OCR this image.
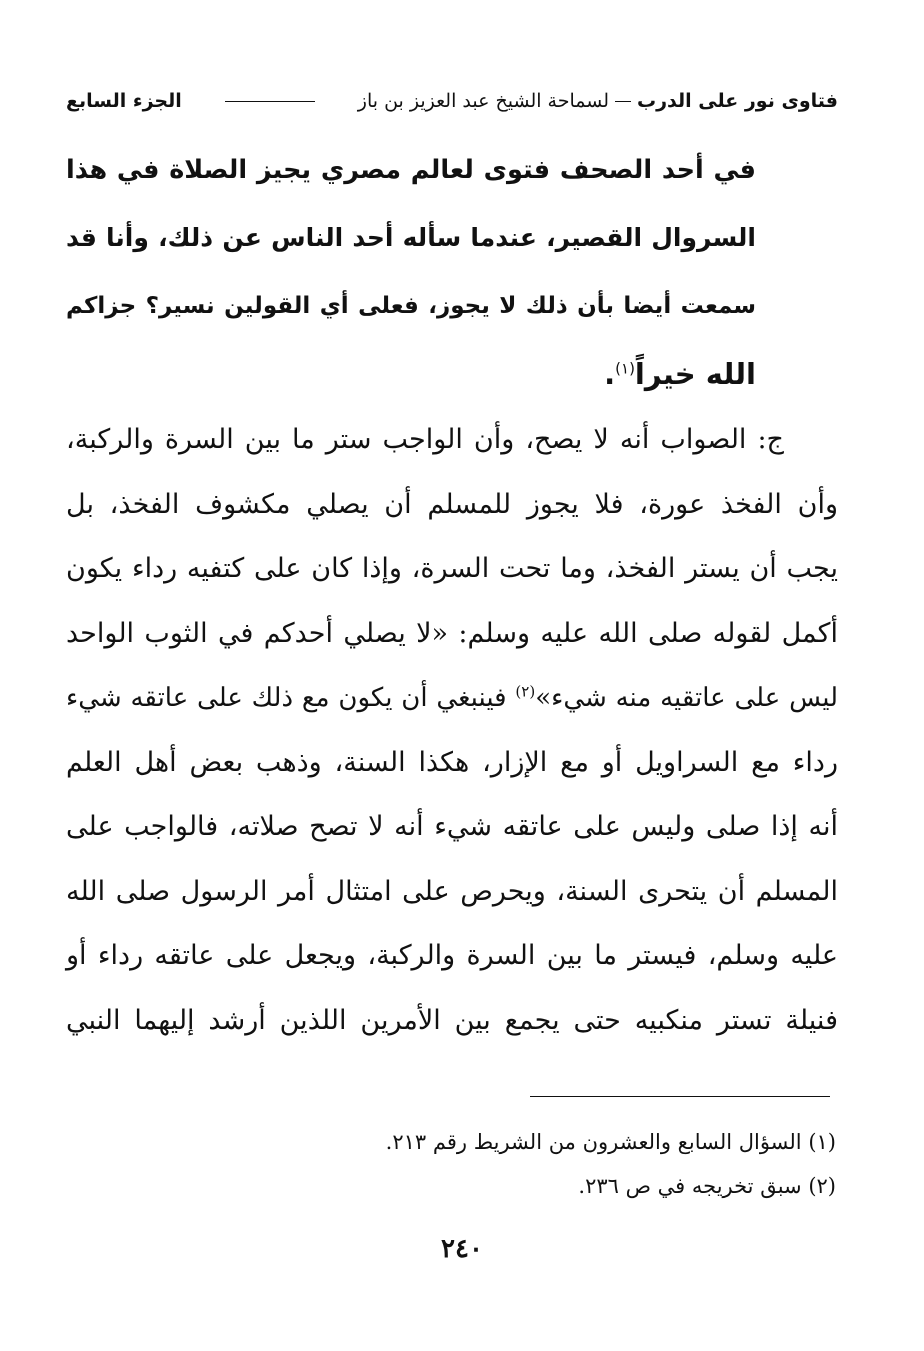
فتاوى نور على الدرب
لسماحة الشيخ عبد العزيز بن باز
الجزء السابع
في أحد الصحف فتوى لعالم مصري يجيز الصلاة في هذا
السروال القصير، عندما سأله أحد الناس عن ذلك، وأنا قد
سمعت أيضا بأن ذلك لا يجوز، فعلى أي القولين نسير؟ جزاكم
الله خيراً$^{(١)}$.
ج: الصواب أنه لا يصح، وأن الواجب ستر ما بين السرة والركبة،
وأن الفخذ عورة، فلا يجوز للمسلم أن يصلي مكشوف الفخذ، بل
يجب أن يستر الفخذ، وما تحت السرة، وإذا كان على كتفيه رداء يكون
أكمل لقوله صلى الله عليه وسلم: «لا يصلي أحدكم في الثوب الواحد
ليس على عاتقيه منه شيء»$^{(٢)}$ فينبغي أن يكون مع ذلك على عاتقه شيء
رداء مع السراويل أو مع الإزار، هكذا السنة، وذهب بعض أهل العلم
أنه إذا صلى وليس على عاتقه شيء أنه لا تصح صلاته، فالواجب على
المسلم أن يتحرى السنة، ويحرص على امتثال أمر الرسول صلى الله
عليه وسلم، فيستر ما بين السرة والركبة، ويجعل على عاتقه رداء أو
فنيلة تستر منكبيه حتى يجمع بين الأمرين اللذين أرشد إليهما النبي
(١) السؤال السابع والعشرون من الشريط رقم ٢١٣.
(٢) سبق تخريجه في ص ٢٣٦.
٢٤٠
